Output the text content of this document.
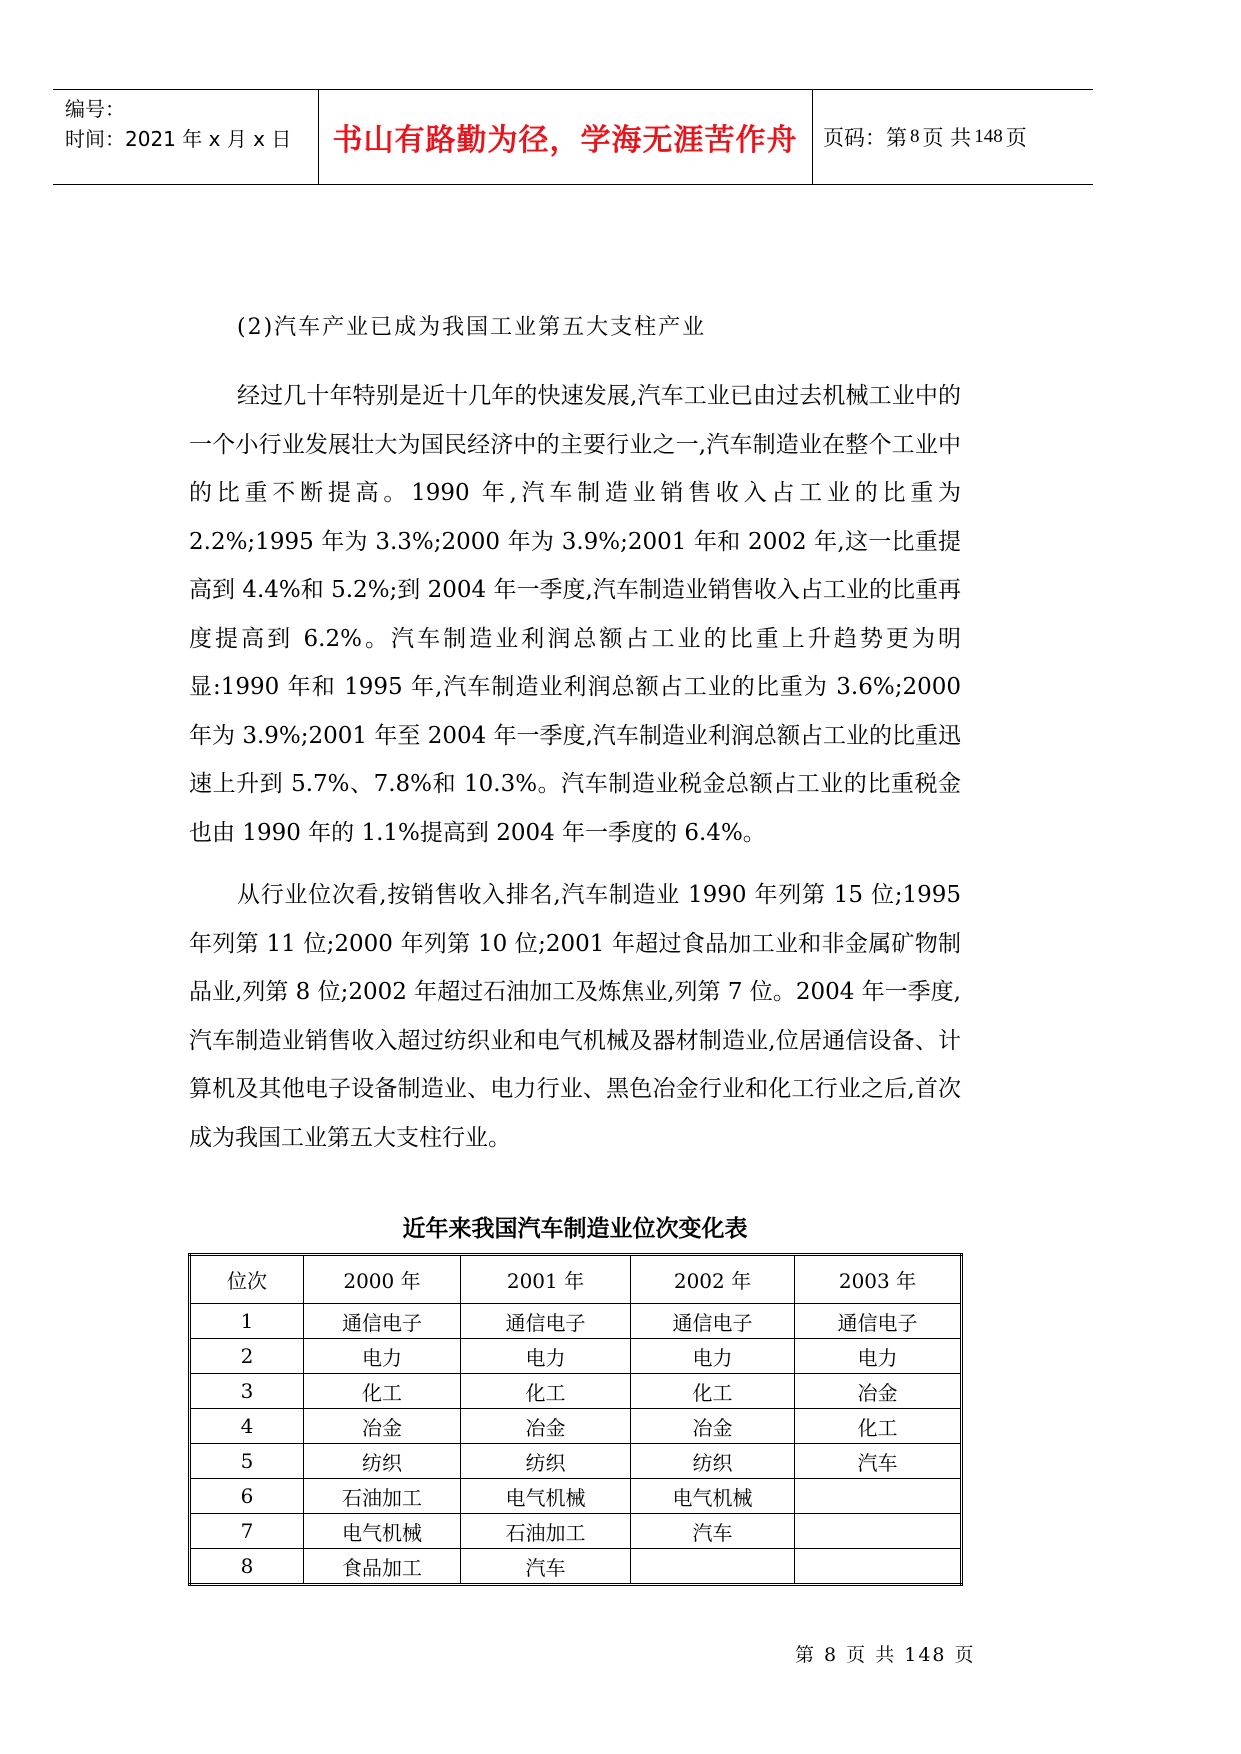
编号：
时间：2021 年 x 月 x 日	书山有路勤为径，学海无涯苦作舟	页码：第 8 页 共 148 页
(2)汽车产业已成为我国工业第五大支柱产业

经过几十年特别是近十几年的快速发展,汽车工业已由过去机械工业中的一个小行业发展壮大为国民经济中的主要行业之一,汽车制造业在整个工业中的比重不断提高。1990 年,汽车制造业销售收入占工业的比重为 2.2%;1995 年为 3.3%;2000 年为 3.9%;2001 年和 2002 年,这一比重提高到 4.4%和 5.2%;到 2004 年一季度,汽车制造业销售收入占工业的比重再度提高到 6.2%。汽车制造业利润总额占工业的比重上升趋势更为明显:1990 年和 1995 年,汽车制造业利润总额占工业的比重为 3.6%;2000 年为 3.9%;2001 年至 2004 年一季度,汽车制造业利润总额占工业的比重迅速上升到 5.7%、7.8%和 10.3%。汽车制造业税金总额占工业的比重税金也由 1990 年的 1.1%提高到 2004 年一季度的 6.4%。

从行业位次看,按销售收入排名,汽车制造业 1990 年列第 15 位;1995 年列第 11 位;2000 年列第 10 位;2001 年超过食品加工业和非金属矿物制品业,列第 8 位;2002 年超过石油加工及炼焦业,列第 7 位。2004 年一季度,汽车制造业销售收入超过纺织业和电气机械及器材制造业,位居通信设备、计算机及其他电子设备制造业、电力行业、黑色冶金行业和化工行业之后,首次成为我国工业第五大支柱行业。

近年来我国汽车制造业位次变化表
位次	2000 年	2001 年	2002 年	2003 年
1	通信电子	通信电子	通信电子	通信电子
2	电力	电力	电力	电力
3	化工	化工	化工	冶金
4	冶金	冶金	冶金	化工
5	纺织	纺织	纺织	汽车
6	石油加工	电气机械	电气机械	
7	电气机械	石油加工	汽车	
8	食品加工	汽车		
第 8 页 共 148 页
